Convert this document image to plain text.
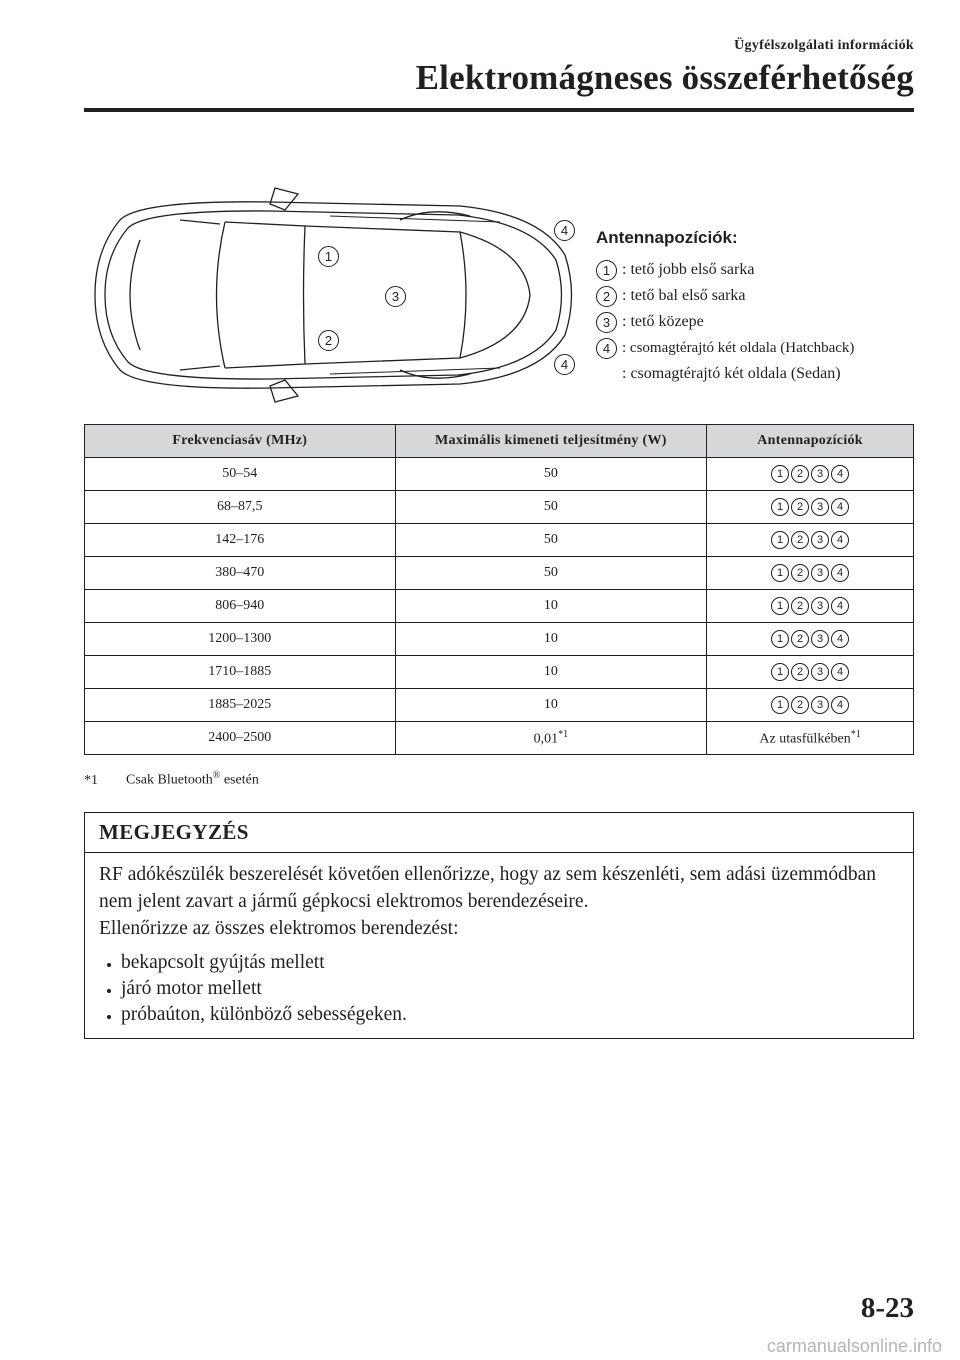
Ügyfélszolgálati információk
Elektromágneses összeférhetőség
1
2
3
4
4

Antennapozíciók:

1 : tető jobb első sarka
2 : tető bal első sarka
3 : tető közepe
4 : csomagtérajtó két oldala (Hatchback)
: csomagtérajtó két oldala (Sedan)
Frekvenciasáv (MHz)	Maximális kimeneti teljesítmény (W)	Antennapozíciók
50–54	50	1 2 3 4

68–87,5	50	1 2 3 4

142–176	50	1 2 3 4

380–470	50	1 2 3 4

806–940	10	1 2 3 4

1200–1300	10	1 2 3 4

1710–1885	10	1 2 3 4

1885–2025	10	1 2 3 4

2400–2500	0,01$^{*1}$	Az utasfülkében$^{*1}$
*1 Csak Bluetooth® esetén
MEGJEGYZÉS

RF adókészülék beszerelését követően ellenőrizze, hogy az sem készenléti, sem adási üzemmódban nem jelent zavart a jármű gépkocsi elektromos berendezéseire.

Ellenőrizze az összes elektromos berendezést:

bekapcsolt gyújtás mellett
járó motor mellett
próbaúton, különböző sebességeken.
8-23
carmanualsonline.info
